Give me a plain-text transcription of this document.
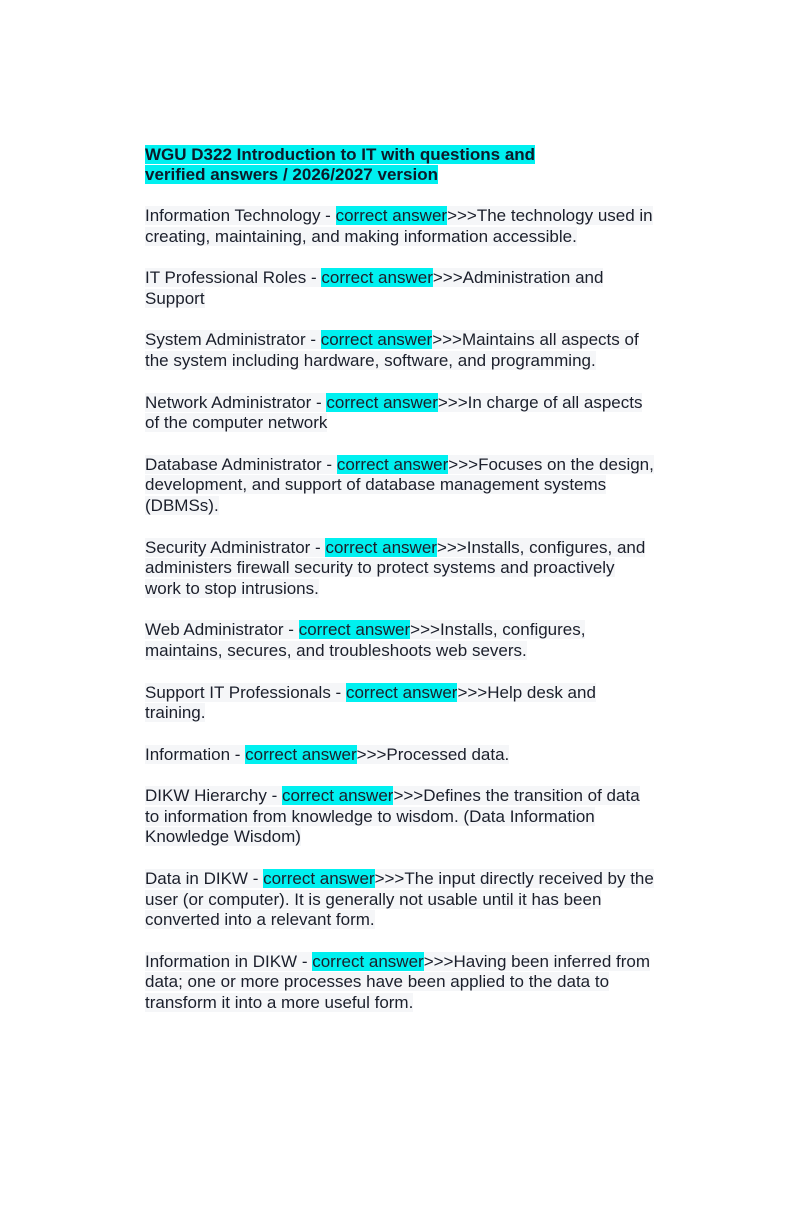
WGU D322 Introduction to IT with questions and verified answers / 2026/2027 version
Information Technology - correct answer>>>The technology used in creating, maintaining, and making information accessible.
IT Professional Roles - correct answer>>>Administration and Support
System Administrator - correct answer>>>Maintains all aspects of the system including hardware, software, and programming.
Network Administrator - correct answer>>>In charge of all aspects of the computer network
Database Administrator - correct answer>>>Focuses on the design, development, and support of database management systems (DBMSs).
Security Administrator - correct answer>>>Installs, configures, and administers firewall security to protect systems and proactively work to stop intrusions.
Web Administrator - correct answer>>>Installs, configures, maintains, secures, and troubleshoots web severs.
Support IT Professionals - correct answer>>>Help desk and training.
Information - correct answer>>>Processed data.
DIKW Hierarchy - correct answer>>>Defines the transition of data to information from knowledge to wisdom. (Data Information Knowledge Wisdom)
Data in DIKW - correct answer>>>The input directly received by the user (or computer). It is generally not usable until it has been converted into a relevant form.
Information in DIKW - correct answer>>>Having been inferred from data; one or more processes have been applied to the data to transform it into a more useful form.
